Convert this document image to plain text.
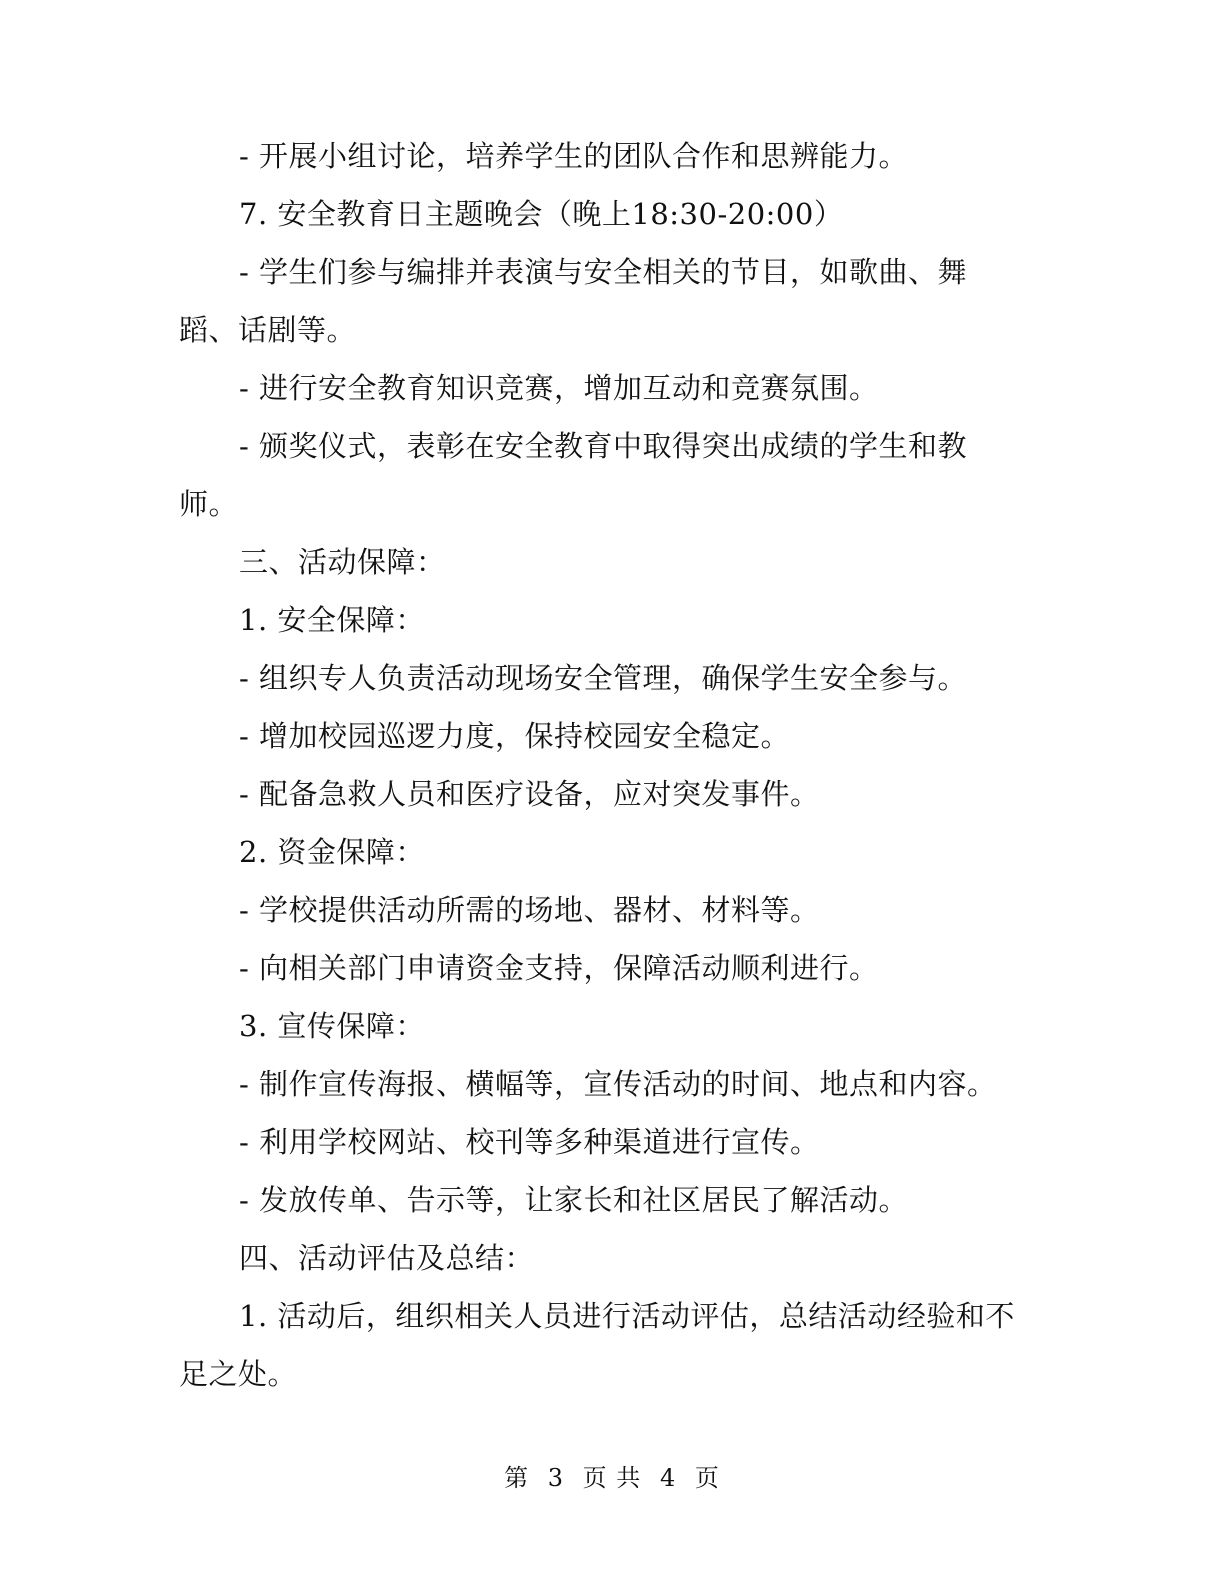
- 开展小组讨论，培养学生的团队合作和思辨能力。
7. 安全教育日主题晚会（晚上18:30-20:00）
- 学生们参与编排并表演与安全相关的节目，如歌曲、舞
蹈、话剧等。
- 进行安全教育知识竞赛，增加互动和竞赛氛围。
- 颁奖仪式，表彰在安全教育中取得突出成绩的学生和教
师。
三、活动保障：
1. 安全保障：
- 组织专人负责活动现场安全管理，确保学生安全参与。
- 增加校园巡逻力度，保持校园安全稳定。
- 配备急救人员和医疗设备，应对突发事件。
2. 资金保障：
- 学校提供活动所需的场地、器材、材料等。
- 向相关部门申请资金支持，保障活动顺利进行。
3. 宣传保障：
- 制作宣传海报、横幅等，宣传活动的时间、地点和内容。
- 利用学校网站、校刊等多种渠道进行宣传。
- 发放传单、告示等，让家长和社区居民了解活动。
四、活动评估及总结：
1. 活动后，组织相关人员进行活动评估，总结活动经验和不
足之处。
第 3 页 共 4 页
